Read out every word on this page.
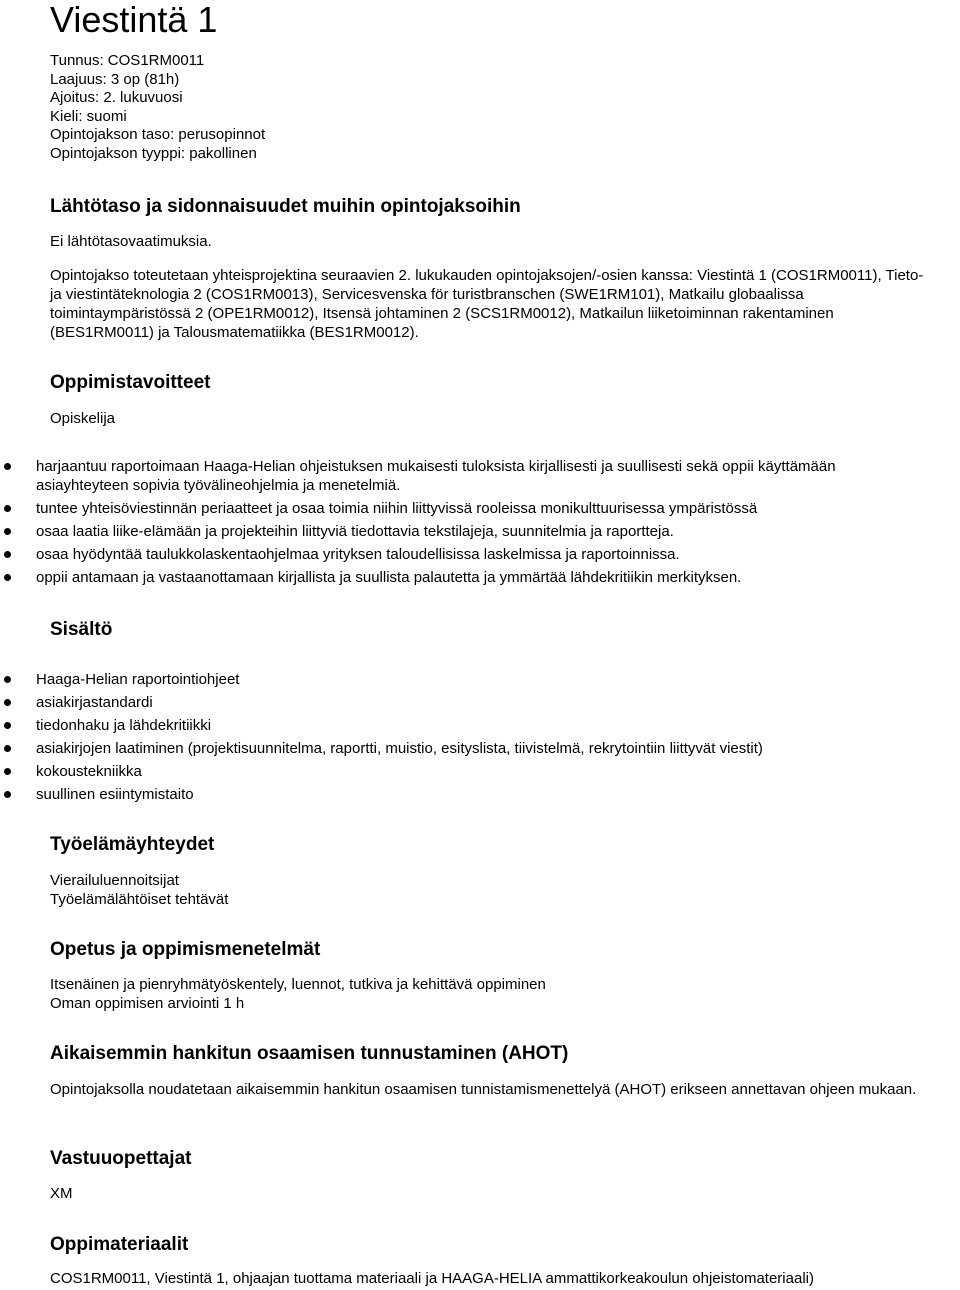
Viestintä 1
Tunnus: COS1RM0011
Laajuus: 3 op (81h)
Ajoitus: 2. lukuvuosi
Kieli: suomi
Opintojakson taso: perusopinnot
Opintojakson tyyppi: pakollinen
Lähtötaso ja sidonnaisuudet muihin opintojaksoihin

Ei lähtötasovaatimuksia.

Opintojakso toteutetaan yhteisprojektina seuraavien 2. lukukauden opintojaksojen/-osien kanssa: Viestintä 1 (COS1RM0011), Tieto- ja viestintäteknologia 2 (COS1RM0013), Servicesvenska för turistbranschen (SWE1RM101), Matkailu globaalissa toimintaympäristössä 2 (OPE1RM0012), Itsensä johtaminen 2 (SCS1RM0012), Matkailun liiketoiminnan rakentaminen (BES1RM0011) ja Talousmatematiikka (BES1RM0012).

Oppimistavoitteet

Opiskelija

harjaantuu raportoimaan Haaga-Helian ohjeistuksen mukaisesti tuloksista kirjallisesti ja suullisesti sekä oppii käyttämään asiayhteyteen sopivia työvälineohjelmia ja menetelmiä.
tuntee yhteisöviestinnän periaatteet ja osaa toimia niihin liittyvissä rooleissa monikulttuurisessa ympäristössä
osaa laatia liike-elämään ja projekteihin liittyviä tiedottavia tekstilajeja, suunnitelmia ja raportteja.
osaa hyödyntää taulukkolaskentaohjelmaa yrityksen taloudellisissa laskelmissa ja raportoinnissa.
oppii antamaan ja vastaanottamaan kirjallista ja suullista palautetta ja ymmärtää lähdekritiikin merkityksen.
Sisältö
Haaga-Helian raportointiohjeet
asiakirjastandardi
tiedonhaku ja lähdekritiikki
asiakirjojen laatiminen (projektisuunnitelma, raportti, muistio, esityslista, tiivistelmä, rekrytointiin liittyvät viestit)
kokoustekniikka
suullinen esiintymistaito
Työelämäyhteydet
Vierailuluennoitsijat
Työelämälähtöiset tehtävät
Opetus ja oppimismenetelmät
Itsenäinen ja pienryhmätyöskentely, luennot, tutkiva ja kehittävä oppiminen
Oman oppimisen arviointi 1 h
Aikaisemmin hankitun osaamisen tunnustaminen (AHOT)

Opintojaksolla noudatetaan aikaisemmin hankitun osaamisen tunnistamismenettelyä (AHOT) erikseen annettavan ohjeen mukaan.

Vastuuopettajat

XM

Oppimateriaalit

COS1RM0011, Viestintä 1, ohjaajan tuottama materiaali ja HAAGA-HELIA ammattikorkeakoulun ohjeistomateriaali)
